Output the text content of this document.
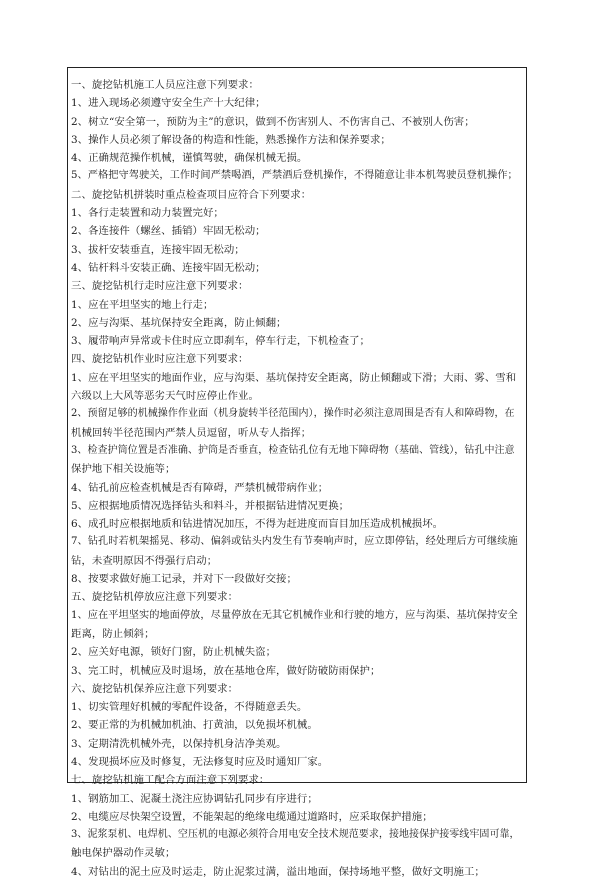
一、旋挖钻机施工人员应注意下列要求：
1、进入现场必须遵守安全生产十大纪律；
2、树立“安全第一，预防为主”的意识，做到不伤害别人、不伤害自己、不被别人伤害；
3、操作人员必须了解设备的构造和性能，熟悉操作方法和保养要求；
4、正确规范操作机械，谨慎驾驶，确保机械无损。
5、严格把守驾驶关，工作时间严禁喝酒，严禁酒后登机操作，不得随意让非本机驾驶员登机操作；
二、旋挖钻机拼装时重点检查项目应符合下列要求：
1、各行走装置和动力装置完好；
2、各连接件（螺丝、插销）牢固无松动；
3、拔杆安装垂直，连接牢固无松动；
4、钻杆料斗安装正确、连接牢固无松动；
三、旋挖钻机行走时应注意下列要求：
1、应在平坦坚实的地上行走；
2、应与沟渠、基坑保持安全距离，防止倾翻；
3、履带响声异常或卡住时应立即刹车，停车行走，下机检查了；
四、旋挖钻机作业时应注意下列要求：
1、应在平坦坚实的地面作业，应与沟渠、基坑保持安全距离，防止倾翻或下滑；大雨、雾、雪和
六级以上大风等恶劣天气时应停止作业。
2、预留足够的机械操作作业面（机身旋转半径范围内），操作时必须注意周围是否有人和障碍物，在
机械回转半径范围内严禁人员逗留，听从专人指挥；
3、检查护筒位置是否准确、护筒是否垂直，检查钻孔位有无地下障碍物（基础、管线），钻孔中注意
保护地下相关设施等；
4、钻孔前应检查机械是否有障碍，严禁机械带病作业；
5、应根据地质情况选择钻头和料斗，并根据钻进情况更换；
6、成孔时应根据地质和钻进情况加压，不得为赶进度而盲目加压造成机械损坏。
7、钻孔时若机架摇晃、移动、偏斜或钻头内发生有节奏响声时，应立即停钻，经处理后方可继续施
钻，未查明原因不得强行启动；
8、按要求做好施工记录，并对下一段做好交接；
五、旋挖钻机停放应注意下列要求：
1、应在平坦坚实的地面停放，尽量停放在无其它机械作业和行驶的地方，应与沟渠、基坑保持安全
距离，防止倾斜；
2、应关好电源，锁好门窗，防止机械失盗；
3、完工时，机械应及时退场，放在基地仓库，做好防破防雨保护；
六、旋挖钻机保养应注意下列要求：
1、切实管理好机械的零配件设备，不得随意丢失。
2、要正常的为机械加机油、打黄油，以免损坏机械。
3、定期清洗机械外壳，以保持机身洁净美观。
4、发现损坏应及时修复，无法修复时应及时通知厂家。
七、旋挖钻机施工配合方面注意下列要求：
1、钢筋加工、泥凝土浇注应协调钻孔同步有序进行；
2、电缆应尽快架空设置，不能架起的绝缘电缆通过道路时，应采取保护措施；
3、泥浆泵机、电焊机、空压机的电源必须符合用电安全技术规范要求，接地接保护接零线牢固可靠，
触电保护器动作灵敏；
4、对钻出的泥土应及时运走，防止泥浆过满，溢出地面，保持场地平整，做好文明施工；
